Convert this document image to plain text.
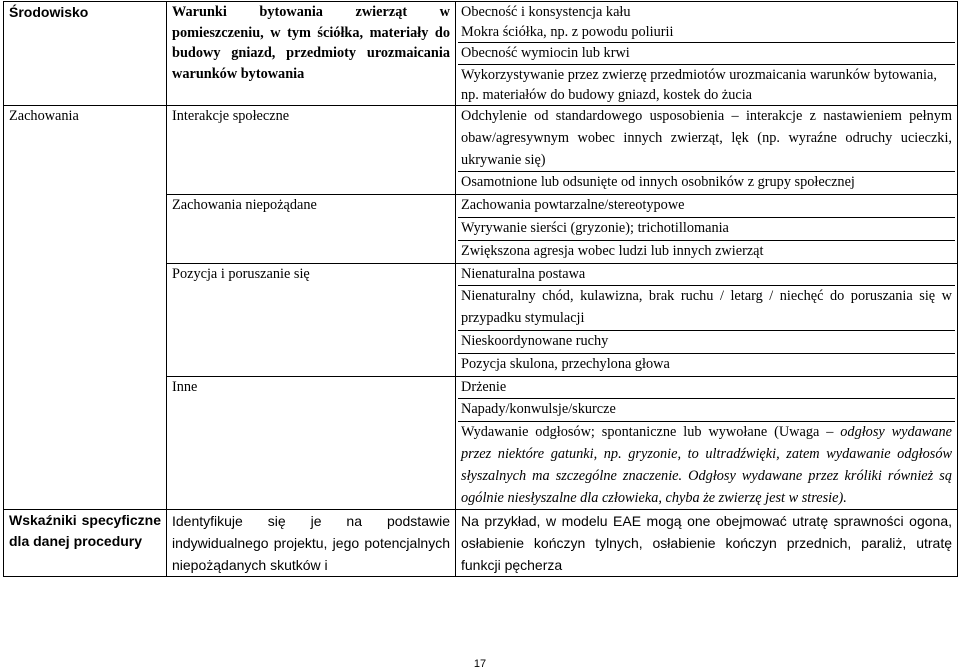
Środowisko	Warunki bytowania zwierząt w pomieszczeniu, w tym ściółka, materiały do budowy gniazd, przedmioty urozmaicania warunków bytowania	Obecność i konsystencja kału
Mokra ściółka, np. z powodu poliurii
Obecność wymiocin lub krwi
Wykorzystywanie przez zwierzę przedmiotów urozmaicania warunków bytowania, np. materiałów do budowy gniazd, kostek do żucia

Zachowania	Interakcje społeczne	Odchylenie od standardowego usposobienia – interakcje z nastawieniem pełnym obaw/agresywnym wobec innych zwierząt, lęk (np. wyraźne odruchy ucieczki, ukrywanie się)
Osamotnione lub odsunięte od innych osobników z grupy społecznej

	Zachowania niepożądane	Zachowania powtarzalne/stereotypowe
Wyrywanie sierści (gryzonie); trichotillomania
Zwiększona agresja wobec ludzi lub innych zwierząt

	Pozycja i poruszanie się	Nienaturalna postawa
Nienaturalny chód, kulawizna, brak ruchu / letarg / niechęć do poruszania się w przypadku stymulacji
Nieskoordynowane ruchy
Pozycja skulona, przechylona głowa

	Inne	Drżenie
Napady/konwulsje/skurcze
Wydawanie odgłosów; spontaniczne lub wywołane (Uwaga – odgłosy wydawane przez niektóre gatunki, np. gryzonie, to ultradźwięki, zatem wydawanie odgłosów słyszalnych ma szczególne znaczenie. Odgłosy wydawane przez króliki również są ogólnie niesłyszalne dla człowieka, chyba że zwierzę jest w stresie).

Wskaźniki specyficzne dla danej procedury	Identyfikuje się je na podstawie indywidualnego projektu, jego potencjalnych niepożądanych skutków i	Na przykład, w modelu EAE mogą one obejmować utratę sprawności ogona, osłabienie kończyn tylnych, osłabienie kończyn przednich, paraliż, utratę funkcji pęcherza
17
